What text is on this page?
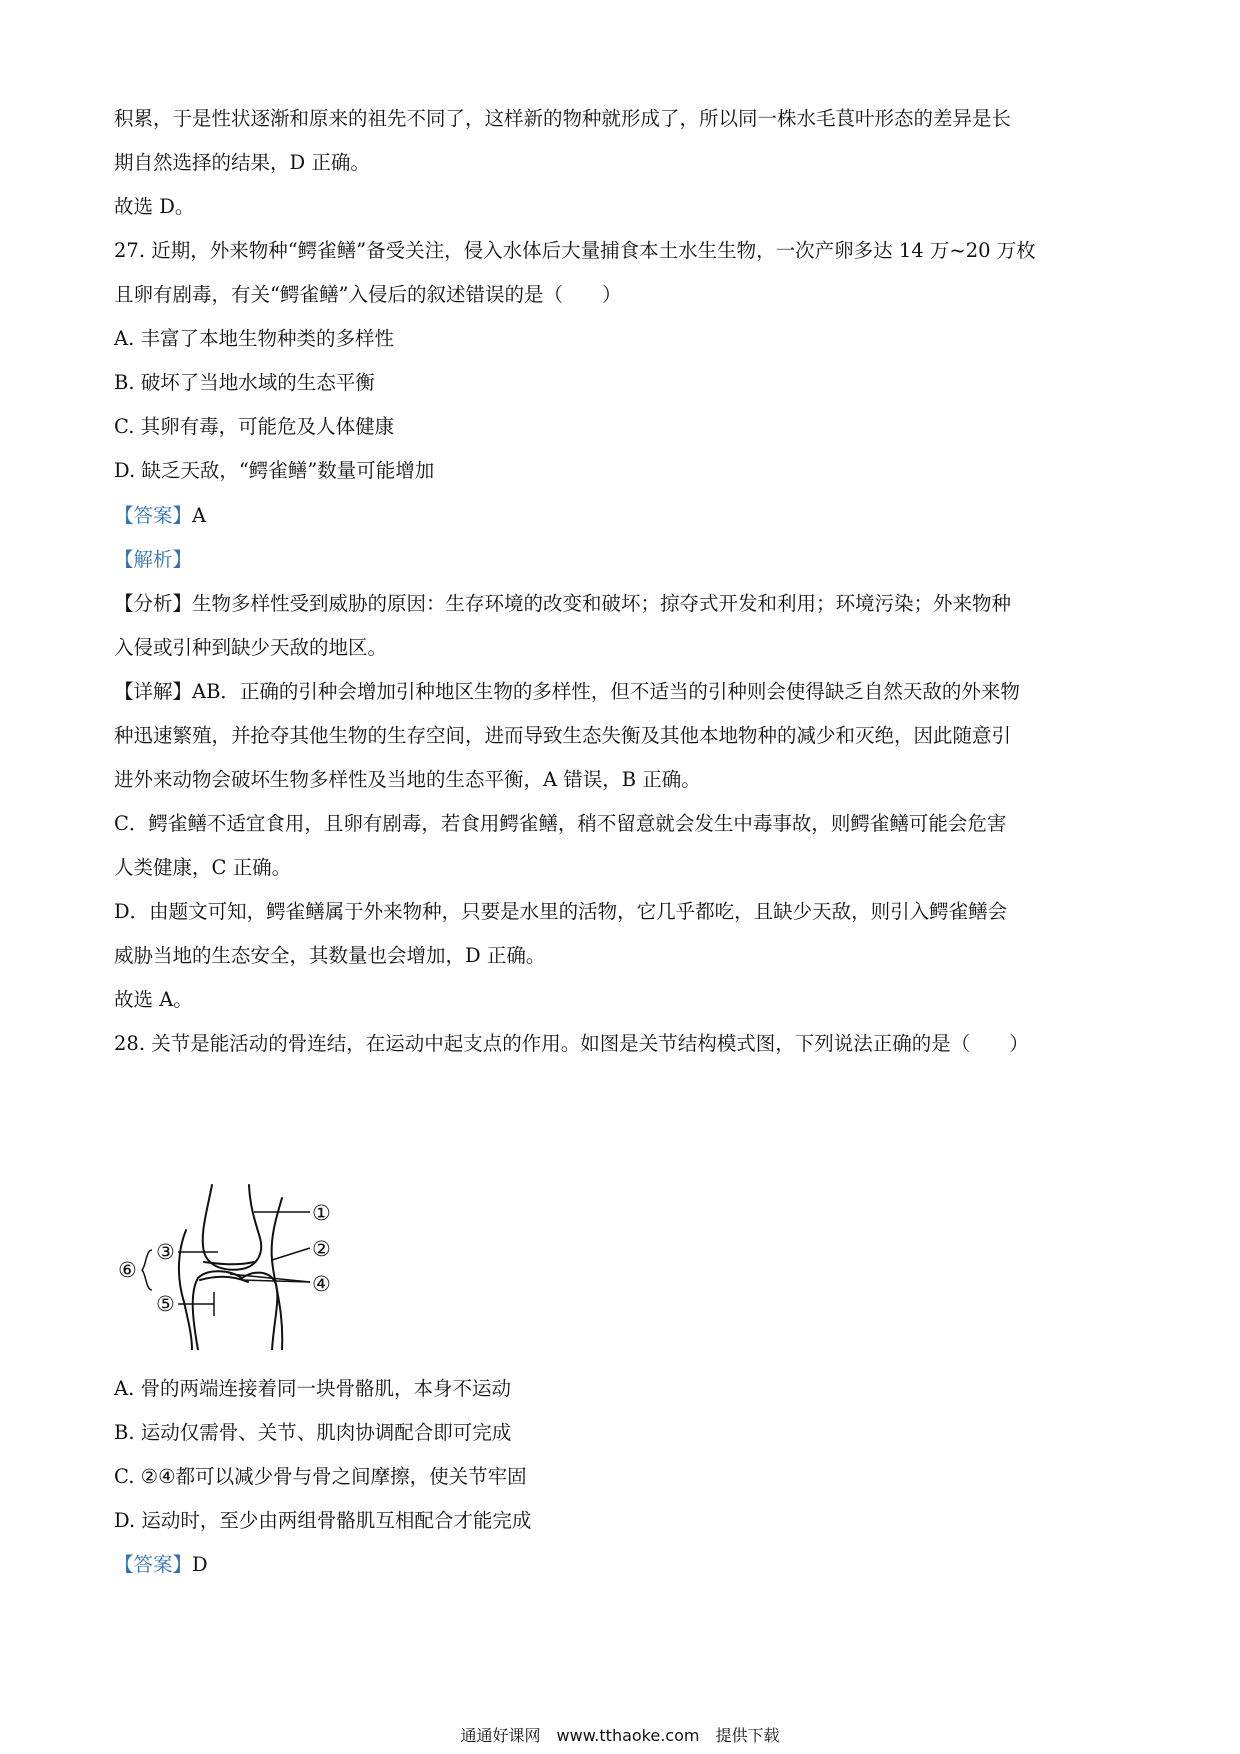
积累，于是性状逐渐和原来的祖先不同了，这样新的物种就形成了，所以同一株水毛茛叶形态的差异是长
期自然选择的结果，D 正确。
故选 D。
27. 近期，外来物种“鳄雀鳝”备受关注，侵入水体后大量捕食本土水生生物，一次产卵多达 14 万~20 万枚
且卵有剧毒，有关“鳄雀鳝”入侵后的叙述错误的是（　　）
A. 丰富了本地生物种类的多样性
B. 破坏了当地水域的生态平衡
C. 其卵有毒，可能危及人体健康
D. 缺乏天敌，“鳄雀鳝”数量可能增加
【答案】A
【解析】
【分析】生物多样性受到威胁的原因：生存环境的改变和破坏；掠夺式开发和利用；环境污染；外来物种
入侵或引种到缺少天敌的地区。
【详解】AB．正确的引种会增加引种地区生物的多样性，但不适当的引种则会使得缺乏自然天敌的外来物
种迅速繁殖，并抢夺其他生物的生存空间，进而导致生态失衡及其他本地物种的减少和灭绝，因此随意引
进外来动物会破坏生物多样性及当地的生态平衡，A 错误，B 正确。
C．鳄雀鳝不适宜食用，且卵有剧毒，若食用鳄雀鳝，稍不留意就会发生中毒事故，则鳄雀鳝可能会危害
人类健康，C 正确。
D．由题文可知，鳄雀鳝属于外来物种，只要是水里的活物，它几乎都吃，且缺少天敌，则引入鳄雀鳝会
威胁当地的生态安全，其数量也会增加，D 正确。
故选 A。
28. 关节是能活动的骨连结，在运动中起支点的作用。如图是关节结构模式图，下列说法正确的是（　　）
①
②
③
④
⑤
⑥
A. 骨的两端连接着同一块骨骼肌，本身不运动
B. 运动仅需骨、关节、肌肉协调配合即可完成
C. ②④都可以减少骨与骨之间摩擦，使关节牢固
D. 运动时，至少由两组骨骼肌互相配合才能完成
【答案】D
通通好课网　www.tthaoke.com　提供下载
